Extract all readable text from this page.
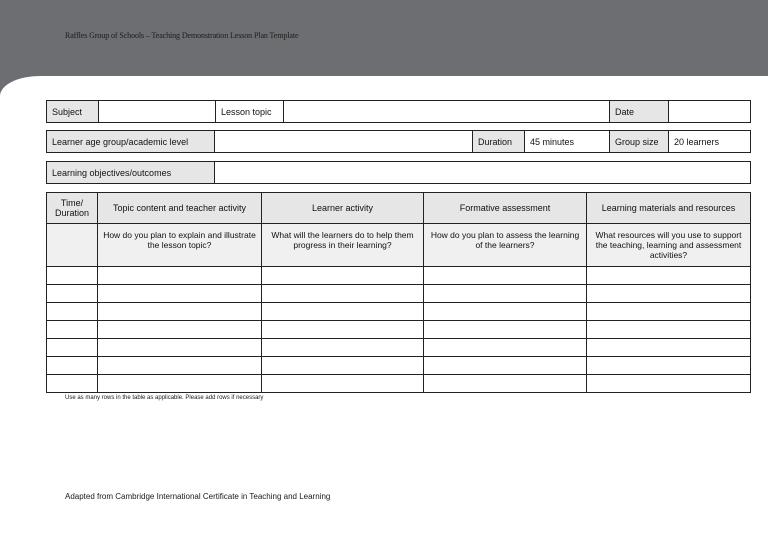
Raffles Group of Schools – Teaching Demonstration Lesson Plan Template
Subject		Lesson topic		Date	
Learner age group/academic level		Duration	45 minutes	Group size	20 learners
Learning objectives/outcomes	
Time/ Duration	Topic content and teacher activity	Learner activity	Formative assessment	Learning materials and resources
	How do you plan to explain and illustrate the lesson topic?	What will the learners do to help them progress in their learning?	How do you plan to assess the learning of the learners?	What resources will you use to support the teaching, learning and assessment activities?

Use as many rows in the table as applicable. Please add rows if necessary
Adapted from Cambridge International Certificate in Teaching and Learning
